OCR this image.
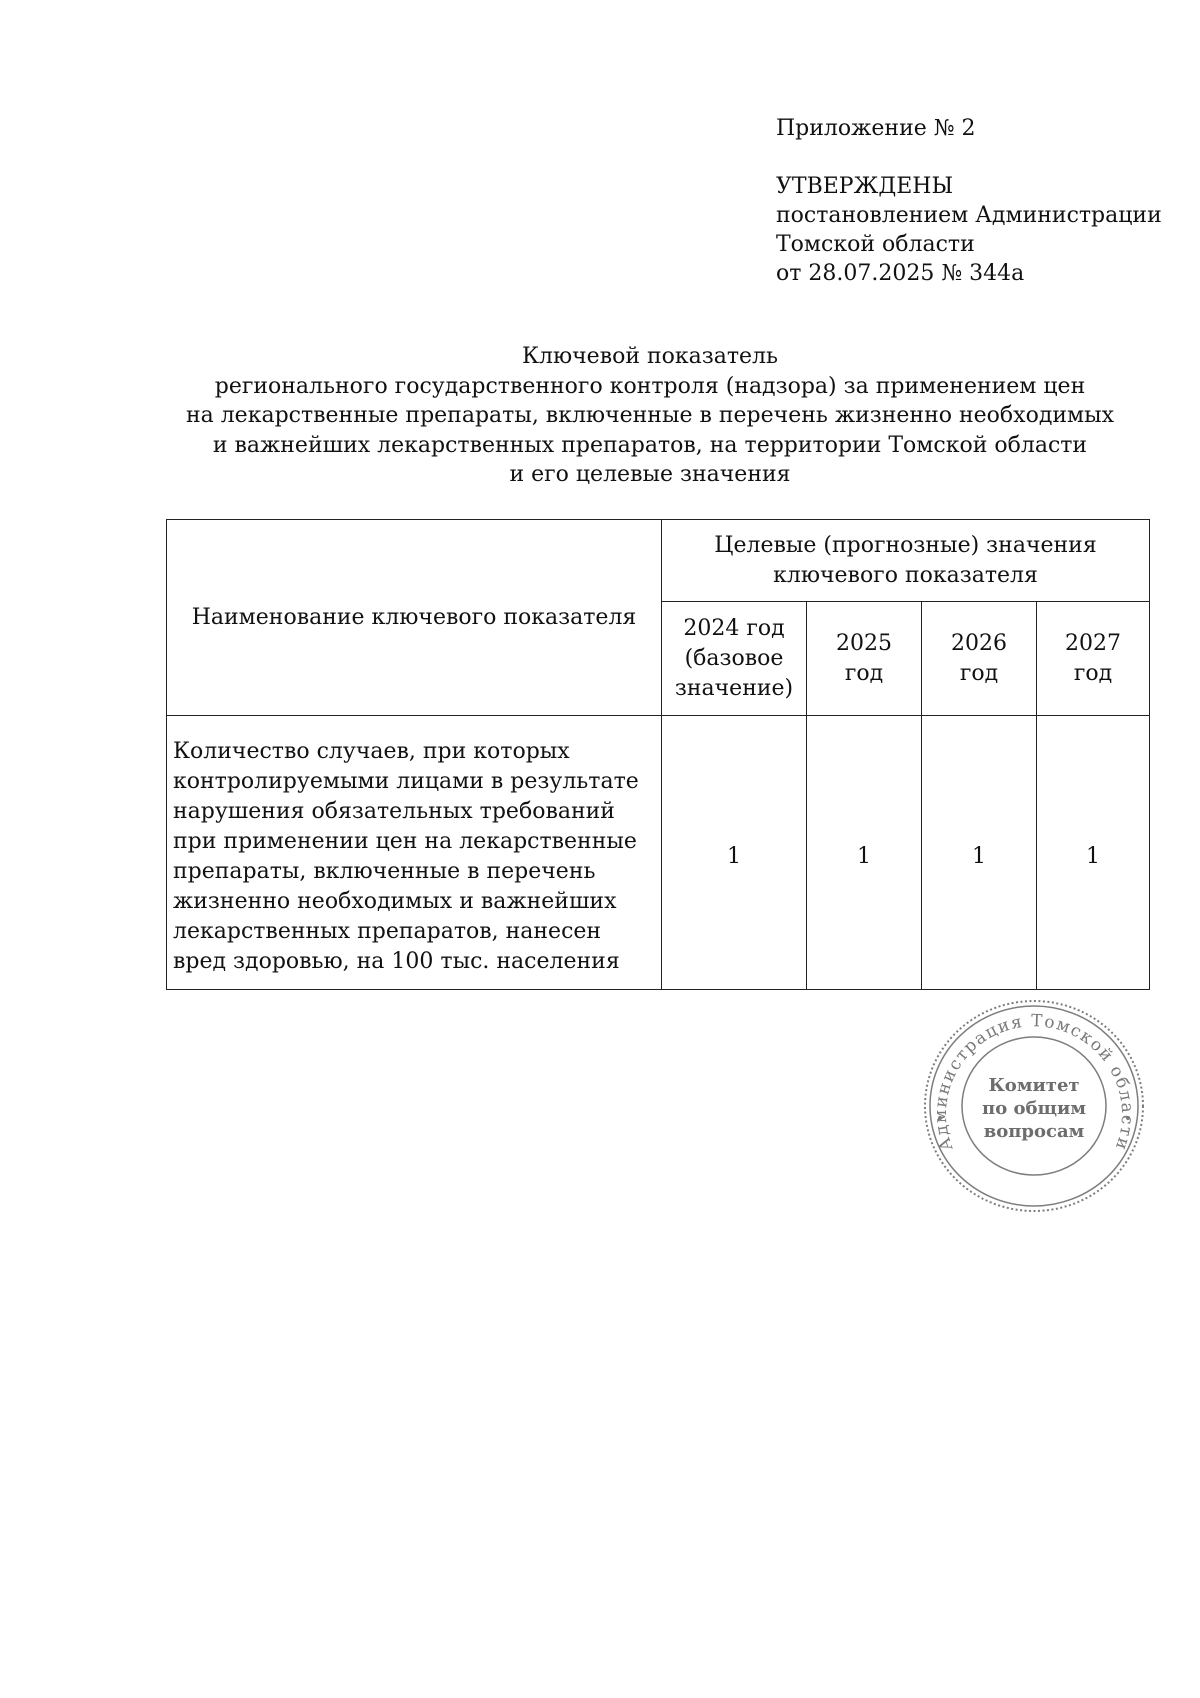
Приложение № 2
УТВЕРЖДЕНЫ
постановлением Администрации
Томской области
от 28.07.2025 № 344а
Ключевой показатель
регионального государственного контроля (надзора) за применением цен
на лекарственные препараты, включенные в перечень жизненно необходимых
и важнейших лекарственных препаратов, на территории Томской области
и его целевые значения
Наименование ключевого показателя	Целевые (прогнозные) значения ключевого показателя			
	2024 год (базовое значение)	2025 год	2026 год	2027 год
Количество случаев, при которых контролируемыми лицами в результате нарушения обязательных требований при применении цен на лекарственные препараты, включенные в перечень жизненно необходимых и важнейших лекарственных препаратов, нанесен вред здоровью, на 100 тыс. населения	1	1	1	1
Администрация Томской области
Комитет
по общим
вопросам
